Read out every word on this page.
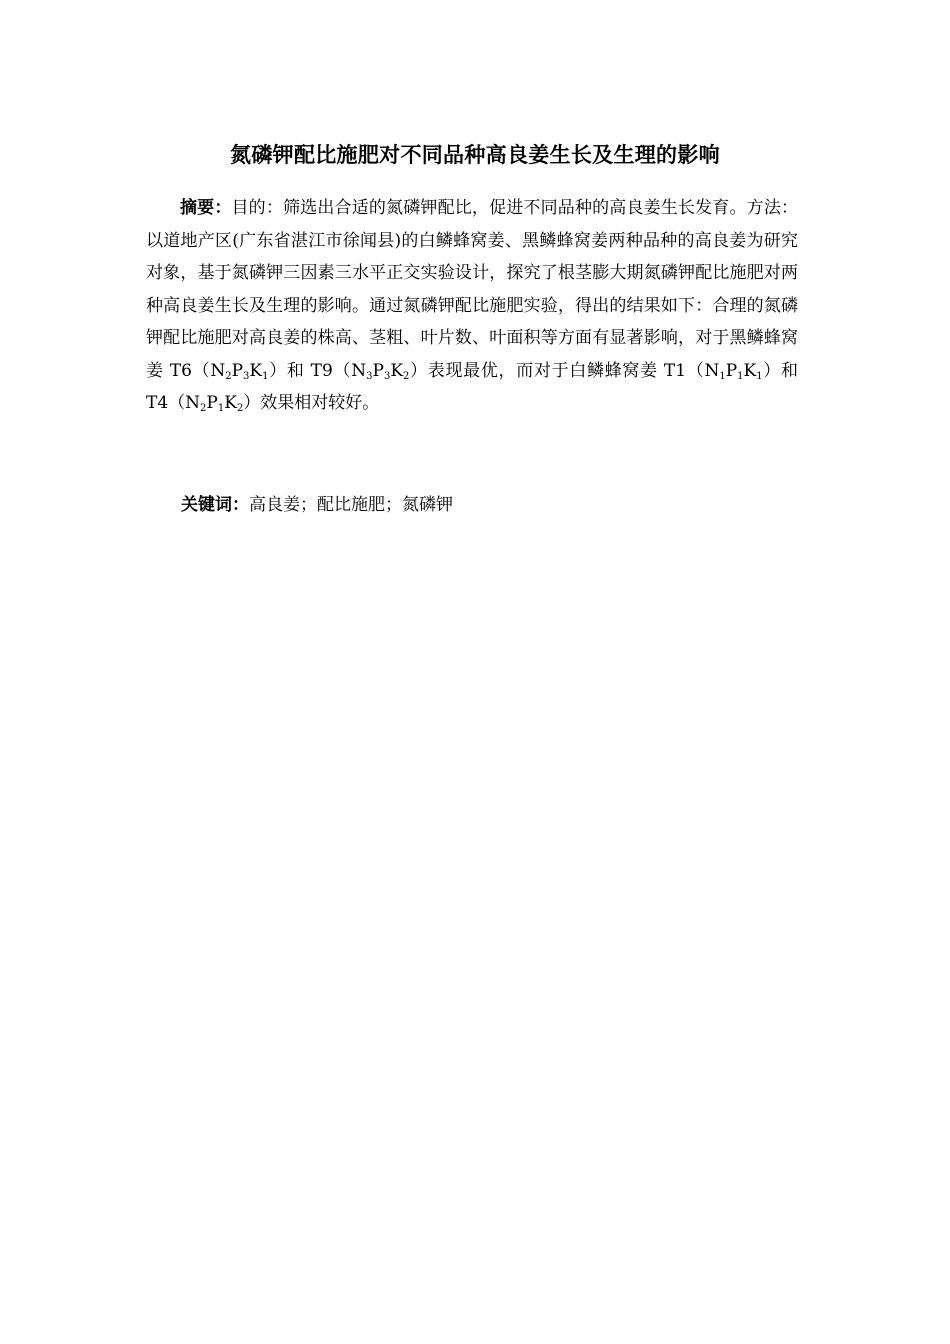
氮磷钾配比施肥对不同品种高良姜生长及生理的影响

摘要：目的：筛选出合适的氮磷钾配比，促进不同品种的高良姜生长发育。方法：以道地产区(广东省湛江市徐闻县)的白鳞蜂窝姜、黑鳞蜂窝姜两种品种的高良姜为研究对象，基于氮磷钾三因素三水平正交实验设计，探究了根茎膨大期氮磷钾配比施肥对两种高良姜生长及生理的影响。通过氮磷钾配比施肥实验，得出的结果如下：合理的氮磷钾配比施肥对高良姜的株高、茎粗、叶片数、叶面积等方面有显著影响，对于黑鳞蜂窝姜 $T6(N_2P_3K_1)$和 $T9(N_3P_3K_2)$表现最优，而对于白鳞蜂窝姜 $T1(N_1P_1K_1)$和 $T4(N_2P_1K_2)$效果相对较好。

关键词：高良姜；配比施肥；氮磷钾
